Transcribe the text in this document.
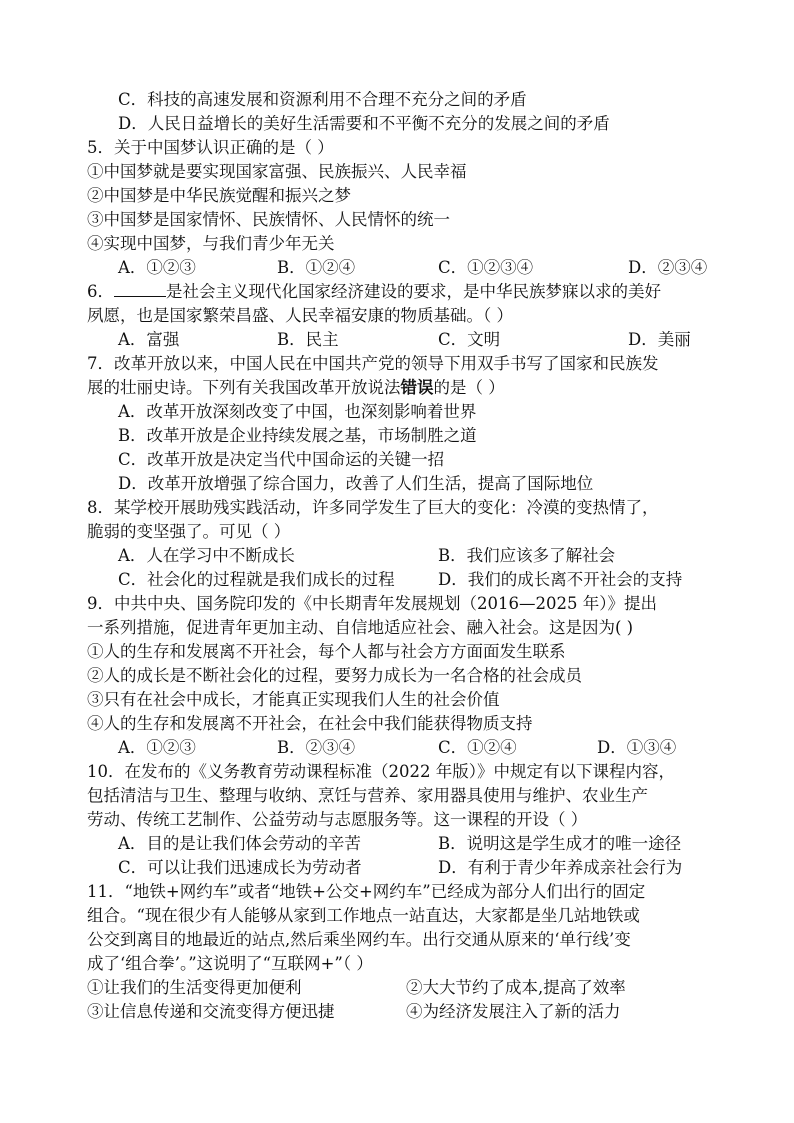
C．科技的高速发展和资源利用不合理不充分之间的矛盾
D．人民日益增长的美好生活需要和不平衡不充分的发展之间的矛盾
5．关于中国梦认识正确的是（ ）
①中国梦就是要实现国家富强、民族振兴、人民幸福
②中国梦是中华民族觉醒和振兴之梦
③中国梦是国家情怀、民族情怀、人民情怀的统一
④实现中国梦，与我们青少年无关
A．①②③	B．①②④	C．①②③④	D．②③④
6．	是社会主义现代化国家经济建设的要求，是中华民族梦寐以求的美好
夙愿，也是国家繁荣昌盛、人民幸福安康的物质基础。（ ）
A．富强	B．民主	C．文明	D．美丽
7．改革开放以来，中国人民在中国共产党的领导下用双手书写了国家和民族发
展的壮丽史诗。下列有关我国改革开放说法错误的是（ ）
A．改革开放深刻改变了中国，也深刻影响着世界
B．改革开放是企业持续发展之基，市场制胜之道
C．改革开放是决定当代中国命运的关键一招
D．改革开放增强了综合国力，改善了人们生活，提高了国际地位
8．某学校开展助残实践活动，许多同学发生了巨大的变化：冷漠的变热情了，
脆弱的变坚强了。可见（ ）
A．人在学习中不断成长	B．我们应该多了解社会
C．社会化的过程就是我们成长的过程	D．我们的成长离不开社会的支持
9．中共中央、国务院印发的《中长期青年发展规划（2016—2025 年）》提出
一系列措施，促进青年更加主动、自信地适应社会、融入社会。这是因为( )
①人的生存和发展离不开社会，每个人都与社会方方面面发生联系
②人的成长是不断社会化的过程，要努力成长为一名合格的社会成员
③只有在社会中成长，才能真正实现我们人生的社会价值
④人的生存和发展离不开社会，在社会中我们能获得物质支持
A．①②③	B．②③④	C．①②④	D．①③④
10．在发布的《义务教育劳动课程标准（2022 年版）》中规定有以下课程内容，
包括清洁与卫生、整理与收纳、烹饪与营养、家用器具使用与维护、农业生产
劳动、传统工艺制作、公益劳动与志愿服务等。这一课程的开设（ ）
A．目的是让我们体会劳动的辛苦	B．说明这是学生成才的唯一途径
C．可以让我们迅速成长为劳动者	D．有利于青少年养成亲社会行为
11．“地铁+网约车”或者“地铁+公交+网约车”已经成为部分人们出行的固定
组合。“现在很少有人能够从家到工作地点一站直达，大家都是坐几站地铁或
公交到离目的地最近的站点,然后乘坐网约车。出行交通从原来的‘单行线’变
成了‘组合拳’。”这说明了“互联网+”（ ）
①让我们的生活变得更加便利	②大大节约了成本,提高了效率
③让信息传递和交流变得方便迅捷	④为经济发展注入了新的活力
